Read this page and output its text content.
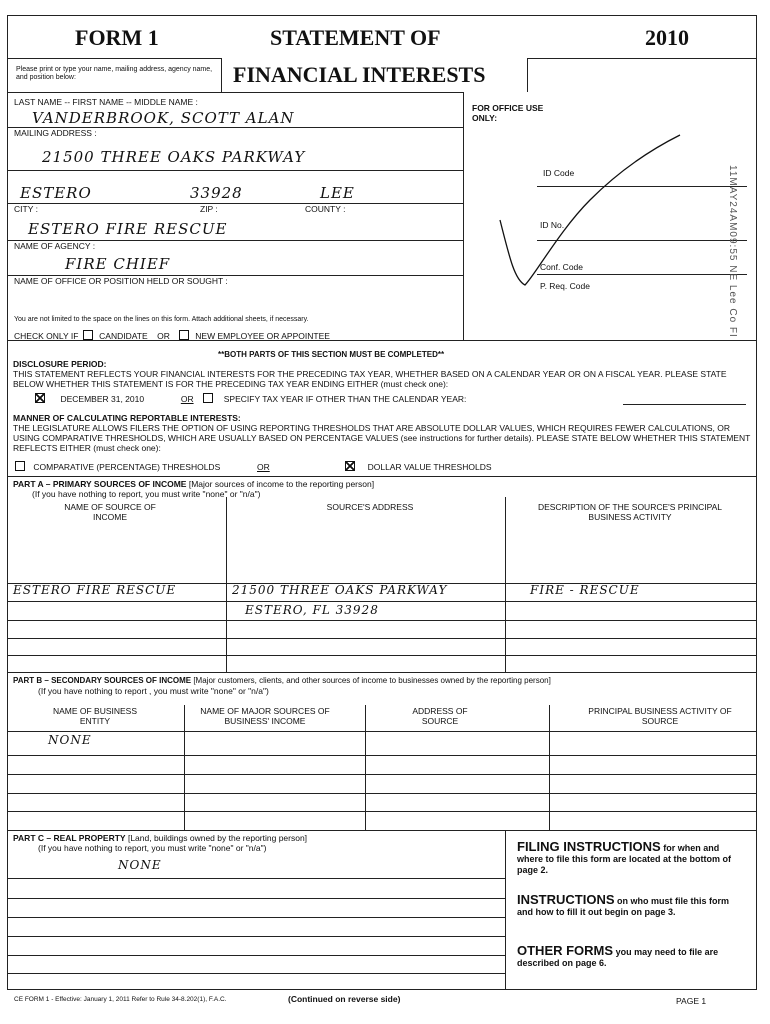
FORM 1	STATEMENT OF	2010
FINANCIAL INTERESTS
Please print or type your name, mailing address, agency name, and position below:
LAST NAME -- FIRST NAME -- MIDDLE NAME :
VANDERBROOK, SCOTT ALAN
MAILING ADDRESS :
21500 THREE OAKS PARKWAY
ESTERO	33928	LEE
CITY :	ZIP :	COUNTY :
ESTERO FIRE RESCUE
NAME OF AGENCY :
FIRE CHIEF
NAME OF OFFICE OR POSITION HELD OR SOUGHT :
You are not limited to the space on the lines on this form. Attach additional sheets, if necessary.
CHECK ONLY IF CANDIDATE OR	NEW EMPLOYEE OR APPOINTEE
FOR OFFICE USE ONLY:
ID Code
ID No.
Conf. Code
P. Req. Code	11MAY24AM09:55 NE Lee Co FI
**BOTH PARTS OF THIS SECTION MUST BE COMPLETED**
DISCLOSURE PERIOD:
THIS STATEMENT REFLECTS YOUR FINANCIAL INTERESTS FOR THE PRECEDING TAX YEAR, WHETHER BASED ON A CALENDAR YEAR OR ON A FISCAL YEAR. PLEASE STATE BELOW WHETHER THIS STATEMENT IS FOR THE PRECEDING TAX YEAR ENDING EITHER (must check one):
DECEMBER 31, 2010	OR	SPECIFY TAX YEAR IF OTHER THAN THE CALENDAR YEAR:
MANNER OF CALCULATING REPORTABLE INTERESTS:
THE LEGISLATURE ALLOWS FILERS THE OPTION OF USING REPORTING THRESHOLDS THAT ARE ABSOLUTE DOLLAR VALUES, WHICH REQUIRES FEWER CALCULATIONS, OR USING COMPARATIVE THRESHOLDS, WHICH ARE USUALLY BASED ON PERCENTAGE VALUES (see instructions for further details). PLEASE STATE BELOW WHETHER THIS STATEMENT REFLECTS EITHER (must check one):
COMPARATIVE (PERCENTAGE) THRESHOLDS	OR	DOLLAR VALUE THRESHOLDS
PART A – PRIMARY SOURCES OF INCOME [Major sources of income to the reporting person]
(If you have nothing to report, you must write "none" or "n/a")
NAME OF SOURCE OF INCOME
SOURCE'S ADDRESS	DESCRIPTION OF THE SOURCE'S PRINCIPAL BUSINESS ACTIVITY
ESTERO FIRE RESCUE	21500 THREE OAKS PARKWAY	FIRE - RESCUE
ESTERO, FL 33928
PART B – SECONDARY SOURCES OF INCOME [Major customers, clients, and other sources of income to businesses owned by the reporting person]
(If you have nothing to report , you must write "none" or "n/a")
NAME OF BUSINESS ENTITY
NAME OF MAJOR SOURCES OF BUSINESS' INCOME
ADDRESS OF SOURCE
PRINCIPAL BUSINESS ACTIVITY OF SOURCE
NONE
PART C – REAL PROPERTY [Land, buildings owned by the reporting person]
(If you have nothing to report, you must write "none" or "n/a")
NONE
FILING INSTRUCTIONS for when and where to file this form are located at the bottom of page 2.
INSTRUCTIONS on who must file this form and how to fill it out begin on page 3.
OTHER FORMS you may need to file are described on page 6.
CE FORM 1 - Effective: January 1, 2011 Refer to Rule 34-8.202(1), F.A.C.	(Continued on reverse side)	PAGE 1
